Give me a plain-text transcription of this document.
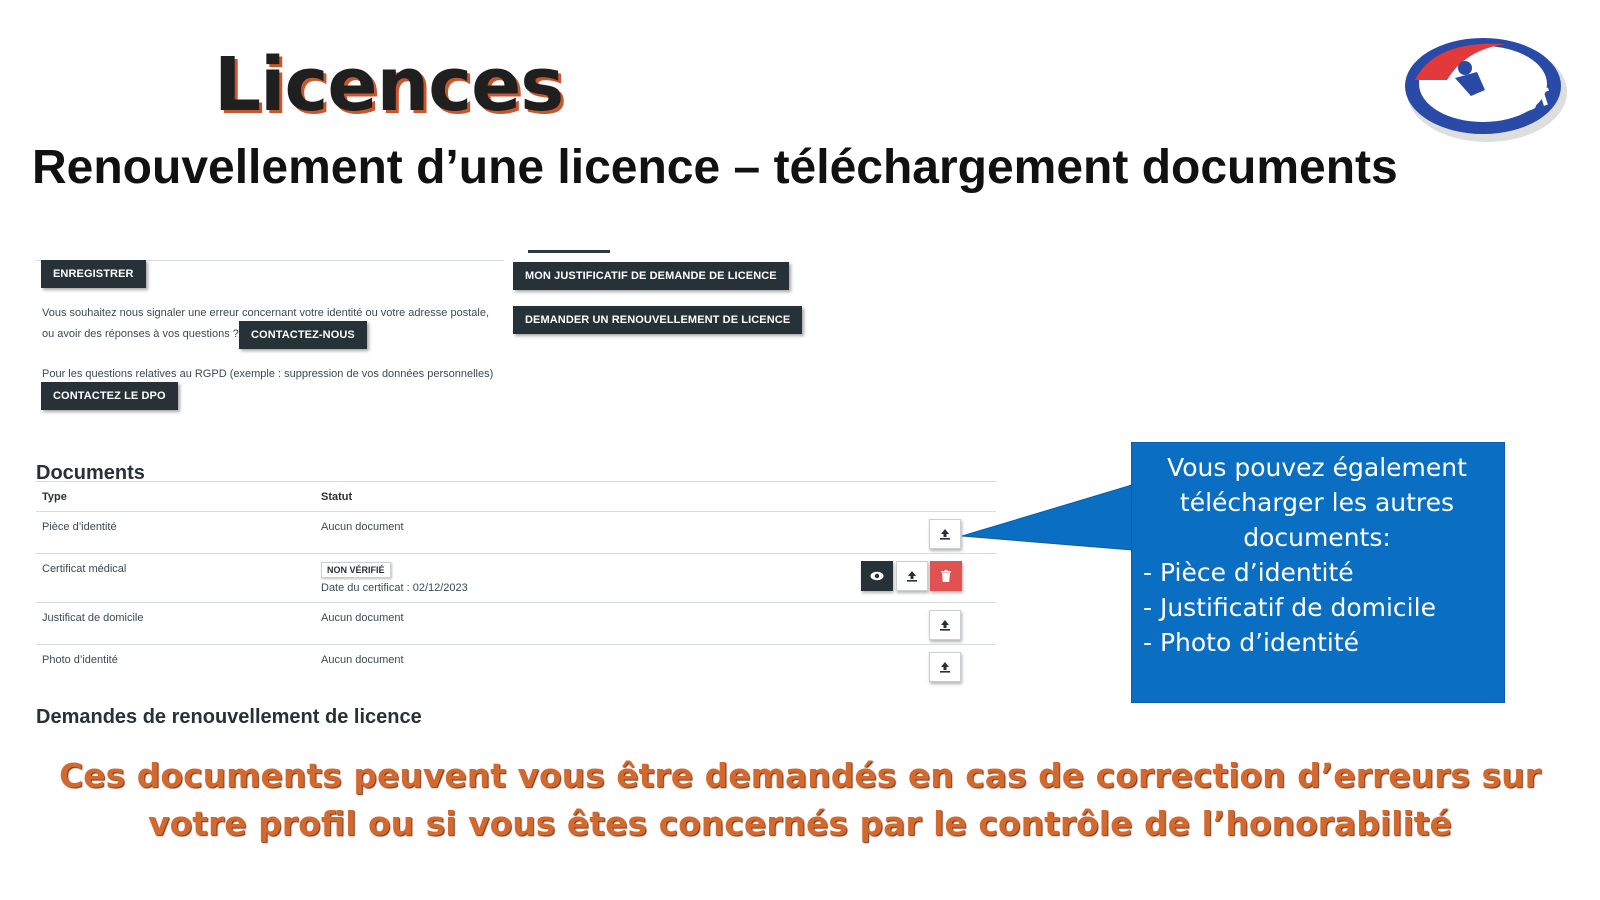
Licences
Renouvellement d’une licence – téléchargement documents
FFBT
ENREGISTRER
Vous souhaitez nous signaler une erreur concernant votre identité ou votre adresse postale,
ou avoir des réponses à vos questions ?	CONTACTEZ-NOUS
Pour les questions relatives au RGPD (exemple : suppression de vos données personnelles)
CONTACTEZ LE DPO
MON JUSTIFICATIF DE DEMANDE DE LICENCE
DEMANDER UN RENOUVELLEMENT DE LICENCE
Documents
Type	Statut
Pièce d’identité	Aucun document
Certificat médical	NON VÉRIFIÉ
Date du certificat : 02/12/2023
Justificat de domicile	Aucun document
Photo d’identité	Aucun document
Demandes de renouvellement de licence
Vous pouvez également télécharger les autres documents:
- Pièce d’identité
- Justificatif de domicile
- Photo d’identité
Ces documents peuvent vous être demandés en cas de correction d’erreurs sur
votre profil ou si vous êtes concernés par le contrôle de l’honorabilité
